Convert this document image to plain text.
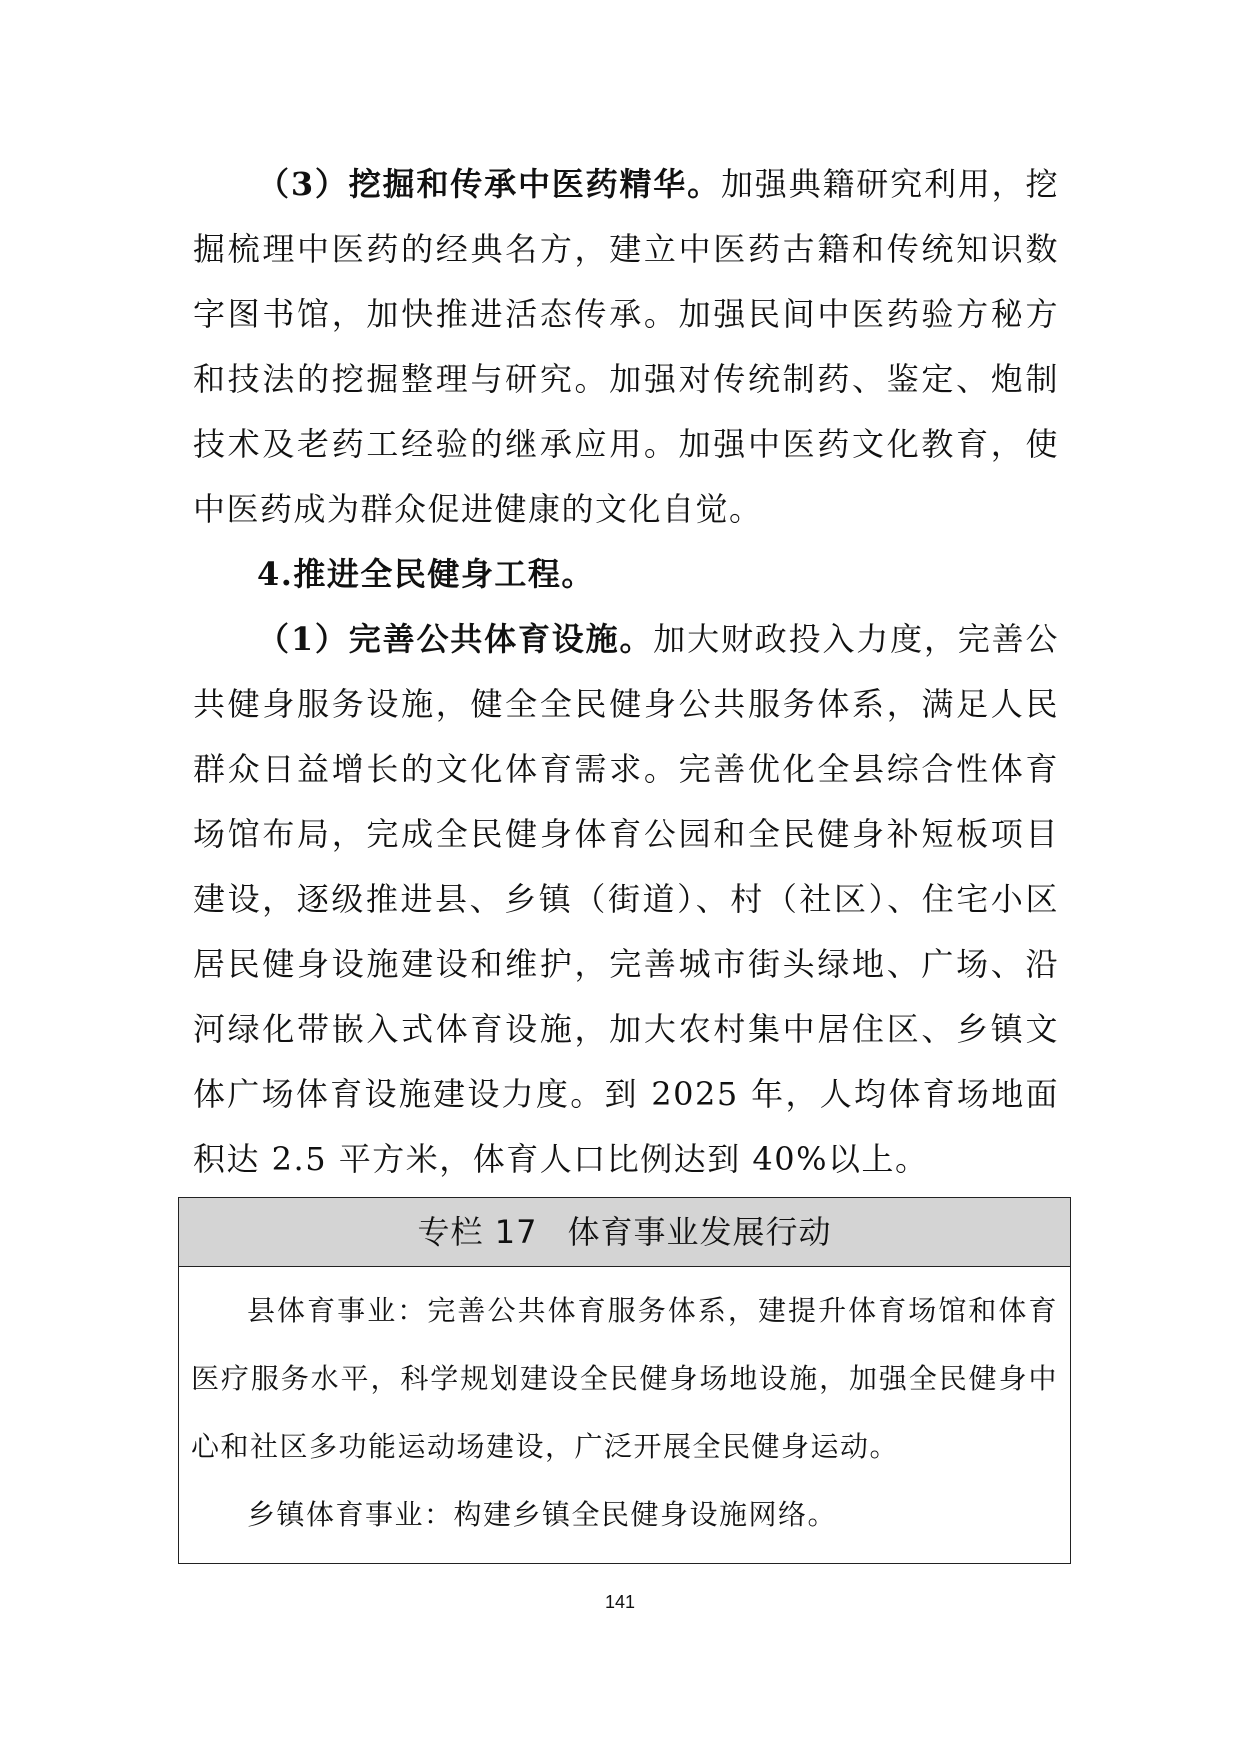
（3）挖掘和传承中医药精华。加强典籍研究利用，挖掘梳理中医药的经典名方，建立中医药古籍和传统知识数字图书馆，加快推进活态传承。加强民间中医药验方秘方和技法的挖掘整理与研究。加强对传统制药、鉴定、炮制技术及老药工经验的继承应用。加强中医药文化教育，使中医药成为群众促进健康的文化自觉。

4.推进全民健身工程。

（1）完善公共体育设施。加大财政投入力度，完善公共健身服务设施，健全全民健身公共服务体系，满足人民群众日益增长的文化体育需求。完善优化全县综合性体育场馆布局，完成全民健身体育公园和全民健身补短板项目建设，逐级推进县、乡镇（街道）、村（社区）、住宅小区居民健身设施建设和维护，完善城市街头绿地、广场、沿河绿化带嵌入式体育设施，加大农村集中居住区、乡镇文体广场体育设施建设力度。到 2025 年，人均体育场地面积达 2.5 平方米，体育人口比例达到 40%以上。

专栏 17 体育事业发展行动

县体育事业：完善公共体育服务体系，建提升体育场馆和体育医疗服务水平，科学规划建设全民健身场地设施，加强全民健身中心和社区多功能运动场建设，广泛开展全民健身运动。

乡镇体育事业：构建乡镇全民健身设施网络。

141
